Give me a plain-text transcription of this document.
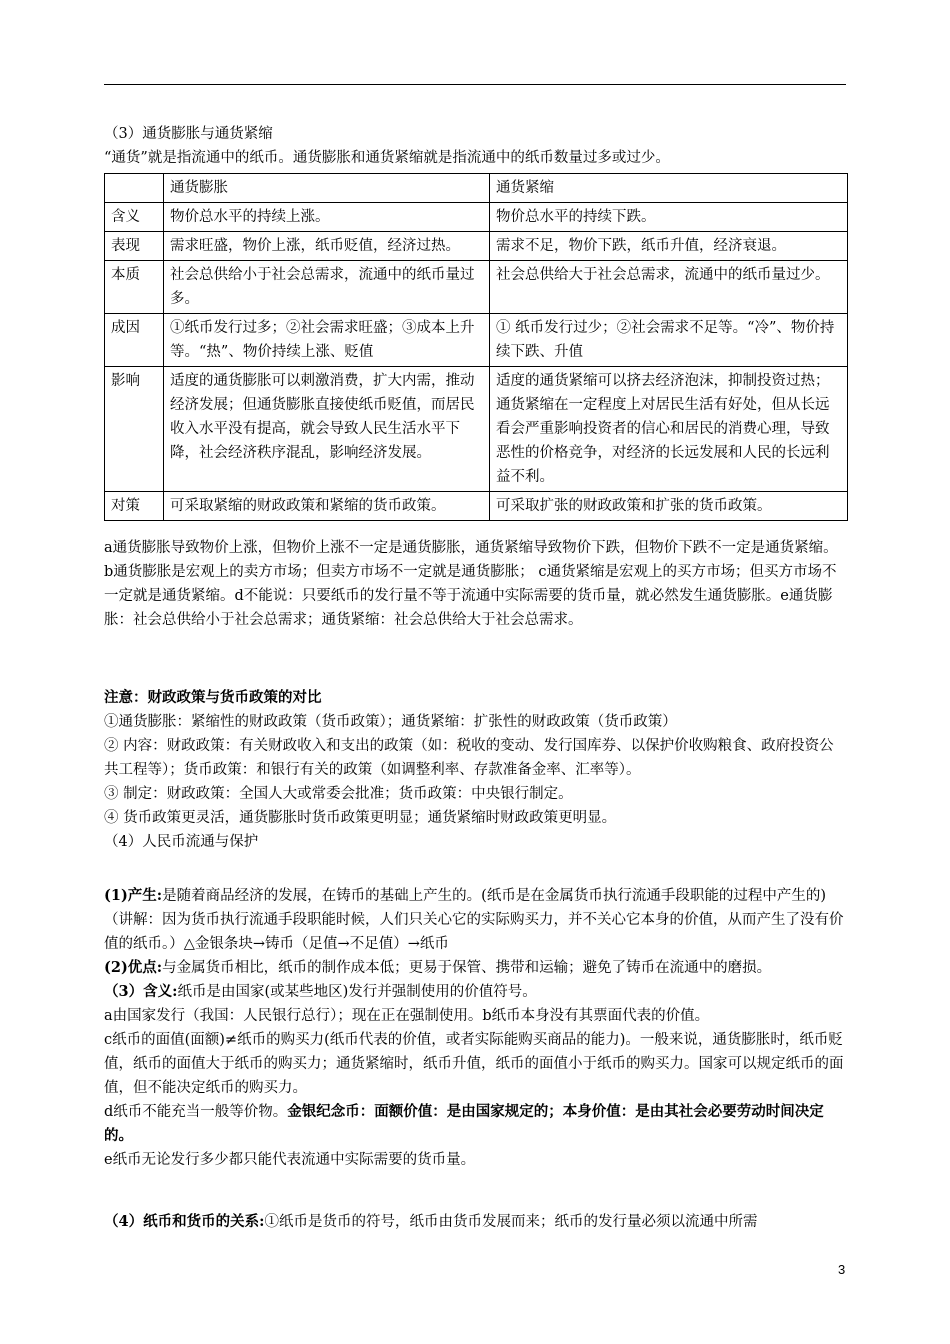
（3）通货膨胀与通货紧缩

“通货”就是指流通中的纸币。通货膨胀和通货紧缩就是指流通中的纸币数量过多或过少。

	通货膨胀	通货紧缩
含义	物价总水平的持续上涨。	物价总水平的持续下跌。
表现	需求旺盛，物价上涨，纸币贬值，经济过热。	需求不足，物价下跌，纸币升值，经济衰退。
本质	社会总供给小于社会总需求，流通中的纸币量过多。	社会总供给大于社会总需求，流通中的纸币量过少。
成因	①纸币发行过多；②社会需求旺盛；③成本上升等。“热”、物价持续上涨、贬值	① 纸币发行过少；②社会需求不足等。“冷”、物价持续下跌、升值
影响	适度的通货膨胀可以刺激消费，扩大内需，推动经济发展；但通货膨胀直接使纸币贬值，而居民收入水平没有提高，就会导致人民生活水平下降，社会经济秩序混乱，影响经济发展。	适度的通货紧缩可以挤去经济泡沫，抑制投资过热；通货紧缩在一定程度上对居民生活有好处，但从长远看会严重影响投资者的信心和居民的消费心理，导致恶性的价格竞争，对经济的长远发展和人民的长远利益不利。
对策	可采取紧缩的财政政策和紧缩的货币政策。	可采取扩张的财政政策和扩张的货币政策。

a通货膨胀导致物价上涨，但物价上涨不一定是通货膨胀，通货紧缩导致物价下跌，但物价下跌不一定是通货紧缩。b通货膨胀是宏观上的卖方市场；但卖方市场不一定就是通货膨胀； c通货紧缩是宏观上的买方市场；但买方市场不一定就是通货紧缩。d不能说：只要纸币的发行量不等于流通中实际需要的货币量，就必然发生通货膨胀。e通货膨胀：社会总供给小于社会总需求；通货紧缩：社会总供给大于社会总需求。

注意：财政政策与货币政策的对比

①通货膨胀：紧缩性的财政政策（货币政策）；通货紧缩：扩张性的财政政策（货币政策）

② 内容：财政政策：有关财政收入和支出的政策（如：税收的变动、发行国库券、以保护价收购粮食、政府投资公共工程等）；货币政策：和银行有关的政策（如调整利率、存款准备金率、汇率等）。

③ 制定：财政政策：全国人大或常委会批准；货币政策：中央银行制定。

④ 货币政策更灵活，通货膨胀时货币政策更明显；通货紧缩时财政政策更明显。

（4）人民币流通与保护

(1)产生:是随着商品经济的发展，在铸币的基础上产生的。(纸币是在金属货币执行流通手段职能的过程中产生的)（讲解：因为货币执行流通手段职能时候，人们只关心它的实际购买力，并不关心它本身的价值，从而产生了没有价值的纸币。）△金银条块→铸币（足值→不足值）→纸币

(2)优点:与金属货币相比，纸币的制作成本低；更易于保管、携带和运输；避免了铸币在流通中的磨损。

（3）含义:纸币是由国家(或某些地区)发行并强制使用的价值符号。

a由国家发行（我国：人民银行总行）；现在正在强制使用。b纸币本身没有其票面代表的价值。

c纸币的面值(面额)≠纸币的购买力(纸币代表的价值，或者实际能购买商品的能力)。一般来说，通货膨胀时，纸币贬值，纸币的面值大于纸币的购买力；通货紧缩时，纸币升值，纸币的面值小于纸币的购买力。国家可以规定纸币的面值，但不能决定纸币的购买力。

d纸币不能充当一般等价物。金银纪念币：面额价值：是由国家规定的；本身价值：是由其社会必要劳动时间决定的。

e纸币无论发行多少都只能代表流通中实际需要的货币量。

（4）纸币和货币的关系:①纸币是货币的符号，纸币由货币发展而来；纸币的发行量必须以流通中所需

3
